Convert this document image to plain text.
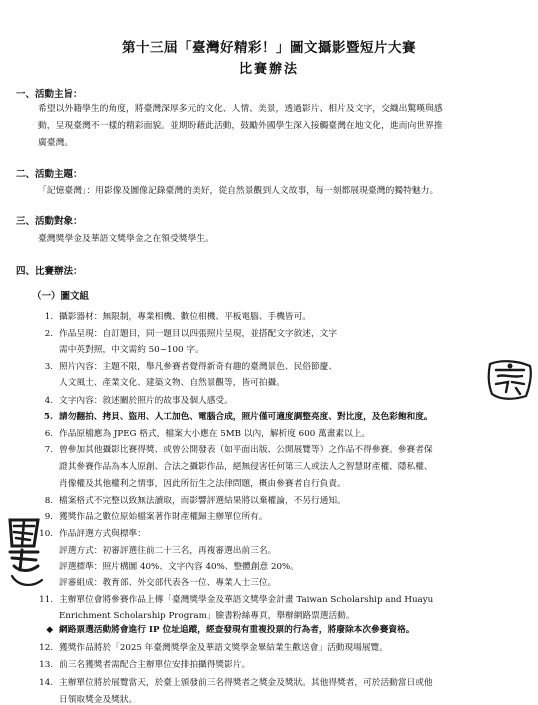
第十三屆「臺灣好精彩！」圖文攝影暨短片大賽
比賽辦法
一、活動主旨：
希望以外籍學生的角度，將臺灣深厚多元的文化、人情、美景，透過影片、相片及文字，交織出驚嘆與感
動，呈現臺灣不一樣的精彩面貌。並期盼藉此活動，鼓勵外國學生深入接觸臺灣在地文化，進而向世界推
廣臺灣。
二、活動主題：
「記憶臺灣」：用影像及圖像記錄臺灣的美好，從自然景觀到人文故事，每一刻都展現臺灣的獨特魅力。
三、活動對象：
臺灣獎學金及華語文獎學金之在領受獎學生。
四、比賽辦法：
（一）圖文組
1. 攝影器材：無限制，專業相機、數位相機、平板電腦、手機皆可。
2. 作品呈現：自訂題目，同一題目以四張照片呈現，並搭配文字敘述，文字
需中英對照，中文需約 50~100 字。
3. 照片內容：主題不限，舉凡參賽者覺得新奇有趣的臺灣景色、民俗節慶、
人文風土、產業文化、建築文物、自然景觀等，皆可拍攝。
4. 文字內容：敘述關於照片的故事及個人感受。
5. 請勿翻拍、拷貝、盜用、人工加色、電腦合成，照片僅可適度調整亮度、對比度，及色彩飽和度。
6. 作品原檔應為 JPEG 格式，檔案大小應在 5MB 以內，解析度 600 萬畫素以上。
7. 曾參加其他攝影比賽得獎、或曾公開發表（如平面出版、公開展覽等）之作品不得參賽。參賽者保
證其參賽作品為本人原創、合法之攝影作品，絕無侵害任何第三人或法人之智慧財產權、隱私權、
肖像權及其他權利之情事，因此所衍生之法律問題，概由參賽者自行負責。
8. 檔案格式不完整以致無法讀取，而影響評選結果將以棄權論，不另行通知。
9. 獲獎作品之數位原始檔案著作財產權歸主辦單位所有。
10. 作品評選方式與標準：
評選方式：初審評選往前二十三名，再複審選出前三名。
評選標準：照片構圖 40%、文字內容 40%、整體創意 20%。
評審組成：教育部、外交部代表各一位、專業人士三位。
11. 主辦單位會將參賽作品上傳「臺灣獎學金及華語文獎學金計畫 Taiwan Scholarship and Huayu
Enrichment Scholarship Program」臉書粉絲專頁，舉辦網路票選活動。
◆ 網路票選活動將會進行 IP 位址追蹤，經查發現有重複投票的行為者，將廢除本次參賽資格。
12. 獲獎作品將於「2025 年臺灣獎學金及華語文獎學金畢結業生歡送會」活動現場展覽。
13. 前三名獲獎者需配合主辦單位安排拍攝得獎影片。
14. 主辦單位將於展覽當天，於臺上頒發前三名得獎者之獎金及獎狀。其他得獎者，可於活動當日或他
日領取獎金及獎狀。
